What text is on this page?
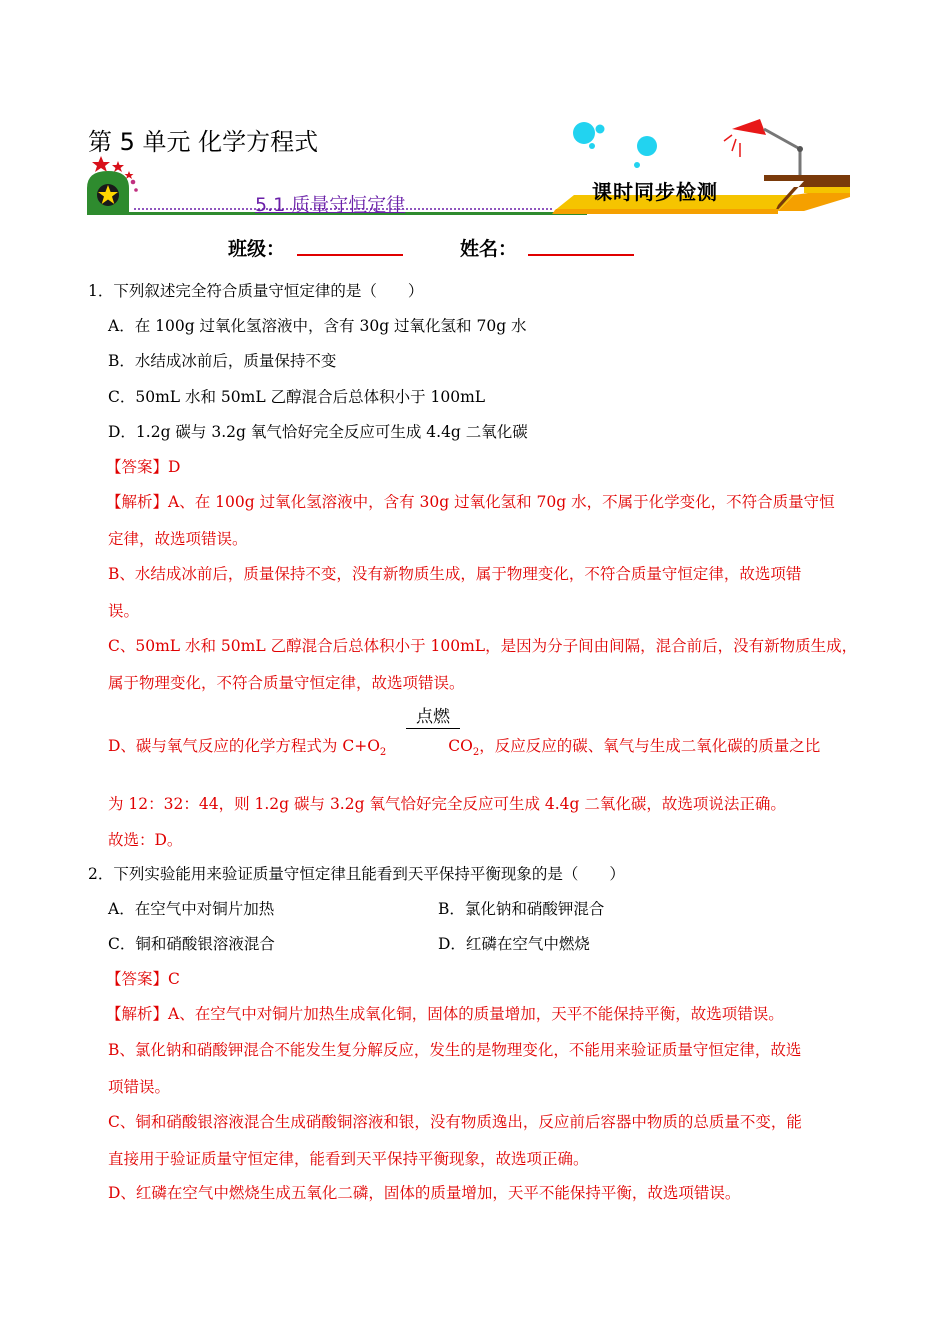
第 5 单元 化学方程式
5.1 质量守恒定律
课时同步检测
班级：	姓名：
1．下列叙述完全符合质量守恒定律的是（　　）
A．在 100g 过氧化氢溶液中，含有 30g 过氧化氢和 70g 水
B．水结成冰前后，质量保持不变
C．50mL 水和 50mL 乙醇混合后总体积小于 100mL
D．1.2g 碳与 3.2g 氧气恰好完全反应可生成 4.4g 二氧化碳
【答案】D
【解析】A、在 100g 过氧化氢溶液中，含有 30g 过氧化氢和 70g 水，不属于化学变化，不符合质量守恒
定律，故选项错误。
B、水结成冰前后，质量保持不变，没有新物质生成，属于物理变化，不符合质量守恒定律，故选项错
误。
C、50mL 水和 50mL 乙醇混合后总体积小于 100mL，是因为分子间由间隔，混合前后，没有新物质生成，
属于物理变化，不符合质量守恒定律，故选项错误。
点燃
D、碳与氧气反应的化学方程式为 $C+O_2$	$CO_2$，反应反应的碳、氧气与生成二氧化碳的质量之比
为 12：32：44，则 1.2g 碳与 3.2g 氧气恰好完全反应可生成 4.4g 二氧化碳，故选项说法正确。
故选：D。
2．下列实验能用来验证质量守恒定律且能看到天平保持平衡现象的是（　　）
A．在空气中对铜片加热	B．氯化钠和硝酸钾混合
C．铜和硝酸银溶液混合	D．红磷在空气中燃烧
【答案】C
【解析】A、在空气中对铜片加热生成氧化铜，固体的质量增加，天平不能保持平衡，故选项错误。
B、氯化钠和硝酸钾混合不能发生复分解反应，发生的是物理变化，不能用来验证质量守恒定律，故选
项错误。
C、铜和硝酸银溶液混合生成硝酸铜溶液和银，没有物质逸出，反应前后容器中物质的总质量不变，能
直接用于验证质量守恒定律，能看到天平保持平衡现象，故选项正确。
D、红磷在空气中燃烧生成五氧化二磷，固体的质量增加，天平不能保持平衡，故选项错误。
